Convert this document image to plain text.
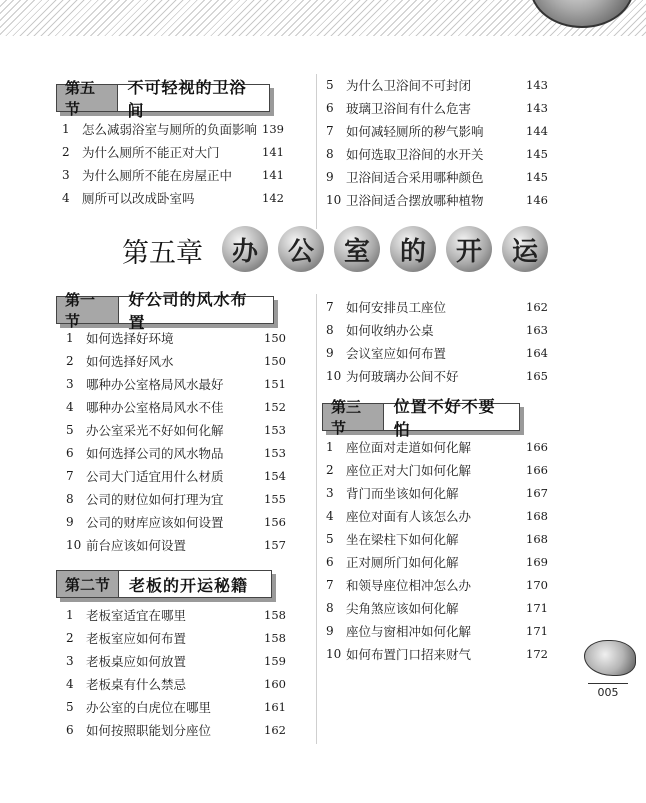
第五节
不可轻视的卫浴间
1 怎么减弱浴室与厕所的负面影响 139
2 为什么厕所不能正对大门	141
3 为什么厕所不能在房屋正中	141
4 厕所可以改成卧室吗	142
5 为什么卫浴间不可封闭	143
6 玻璃卫浴间有什么危害	143
7 如何减轻厕所的秽气影响	144
8 如何选取卫浴间的水开关	145
9 卫浴间适合采用哪种颜色	145
10 卫浴间适合摆放哪种植物	146
第五章	办	公	室	的	开	运
第一节
好公司的风水布置
1 如何选择好环境	150
2 如何选择好风水	150
3 哪种办公室格局风水最好	151
4 哪种办公室格局风水不佳	152
5 办公室采光不好如何化解	153
6 如何选择公司的风水物品	153
7 公司大门适宜用什么材质	154
8 公司的财位如何打理为宜	155
9 公司的财库应该如何设置	156
10 前台应该如何设置	157
第二节	老板的开运秘籍
1 老板室适宜在哪里	158
2 老板室应如何布置	158
3 老板桌应如何放置	159
4 老板桌有什么禁忌	160
5 办公室的白虎位在哪里	161
6 如何按照职能划分座位	162
7 如何安排员工座位	162
8 如何收纳办公桌	163
9 会议室应如何布置	164
10 为何玻璃办公间不好	165
第三节
位置不好不要怕
1 座位面对走道如何化解	166
2 座位正对大门如何化解	166
3 背门而坐该如何化解	167
4 座位对面有人该怎么办	168
5 坐在梁柱下如何化解	168
6 正对厕所门如何化解	169
7 和领导座位相冲怎么办	170
8 尖角煞应该如何化解	171
9 座位与窗相冲如何化解	171
10 如何布置门口招来财气	172
005
